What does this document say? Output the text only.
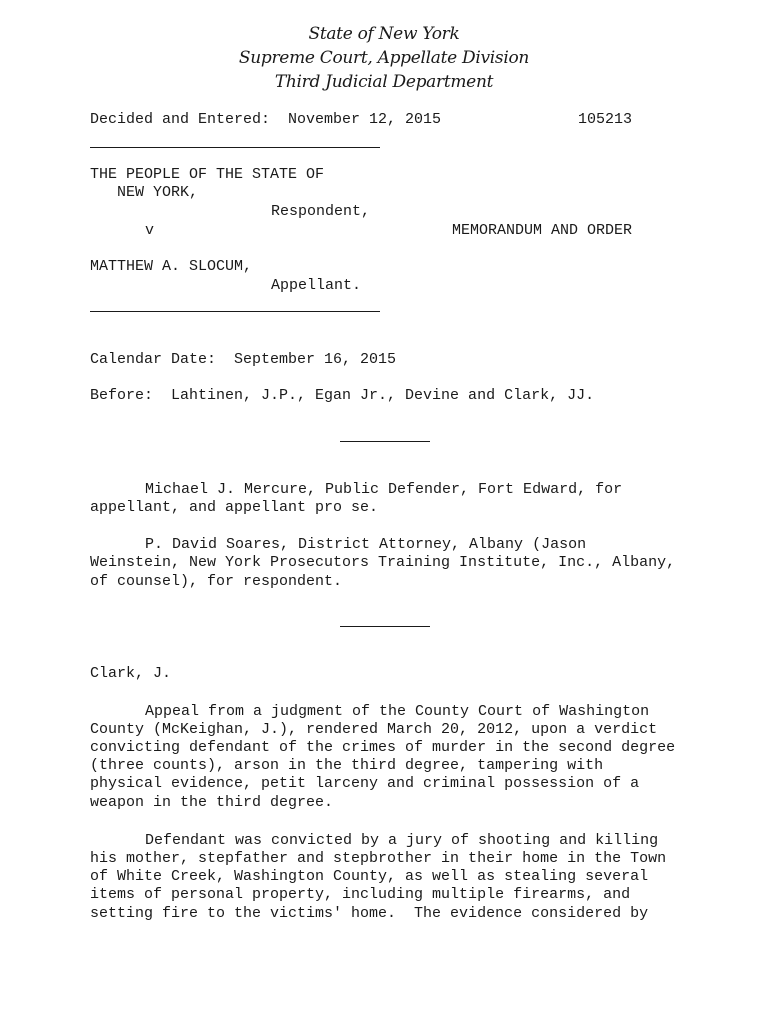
State of New York
Supreme Court, Appellate Division
Third Judicial Department
Decided and Entered:  November 12, 2015	105213
THE PEOPLE OF THE STATE OF
NEW YORK,
Respondent,
v	MEMORANDUM AND ORDER
MATTHEW A. SLOCUM,
Appellant.
Calendar Date:  September 16, 2015
Before:  Lahtinen, J.P., Egan Jr., Devine and Clark, JJ.
Michael J. Mercure, Public Defender, Fort Edward, for
appellant, and appellant pro se.
P. David Soares, District Attorney, Albany (Jason
Weinstein, New York Prosecutors Training Institute, Inc., Albany,
of counsel), for respondent.
Clark, J.
Appeal from a judgment of the County Court of Washington
County (McKeighan, J.), rendered March 20, 2012, upon a verdict
convicting defendant of the crimes of murder in the second degree
(three counts), arson in the third degree, tampering with
physical evidence, petit larceny and criminal possession of a
weapon in the third degree.
Defendant was convicted by a jury of shooting and killing
his mother, stepfather and stepbrother in their home in the Town
of White Creek, Washington County, as well as stealing several
items of personal property, including multiple firearms, and
setting fire to the victims' home.  The evidence considered by
